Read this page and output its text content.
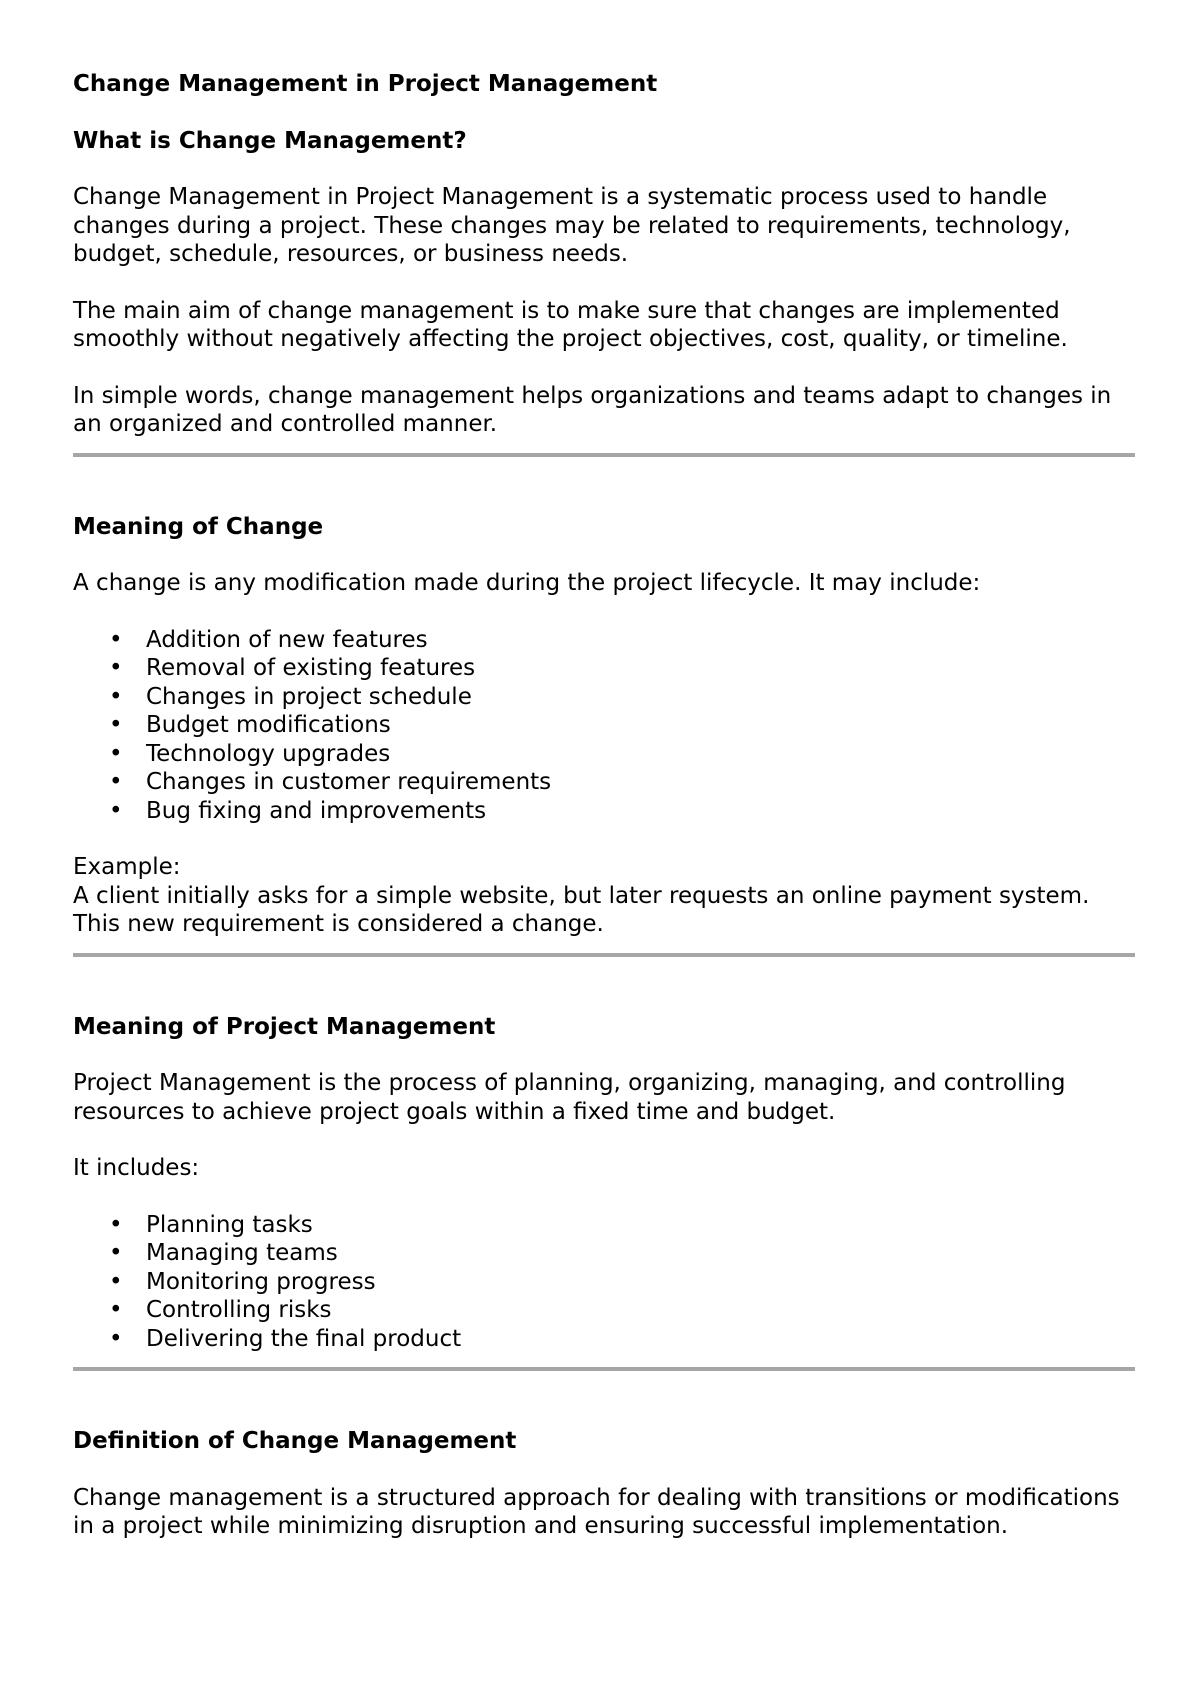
Change Management in Project Management
What is Change Management?

Change Management in Project Management is a systematic process used to handle changes during a project. These changes may be related to requirements, technology, budget, schedule, resources, or business needs.

The main aim of change management is to make sure that changes are implemented smoothly without negatively affecting the project objectives, cost, quality, or timeline.

In simple words, change management helps organizations and teams adapt to changes in an organized and controlled manner.

Meaning of Change

A change is any modification made during the project lifecycle. It may include:

• Addition of new features
• Removal of existing features
• Changes in project schedule
• Budget modifications
• Technology upgrades
• Changes in customer requirements
• Bug fixing and improvements

Example:
A client initially asks for a simple website, but later requests an online payment system. This new requirement is considered a change.

Meaning of Project Management

Project Management is the process of planning, organizing, managing, and controlling resources to achieve project goals within a fixed time and budget.

It includes:

• Planning tasks
• Managing teams
• Monitoring progress
• Controlling risks
• Delivering the final product
Definition of Change Management

Change management is a structured approach for dealing with transitions or modifications in a project while minimizing disruption and ensuring successful implementation.
